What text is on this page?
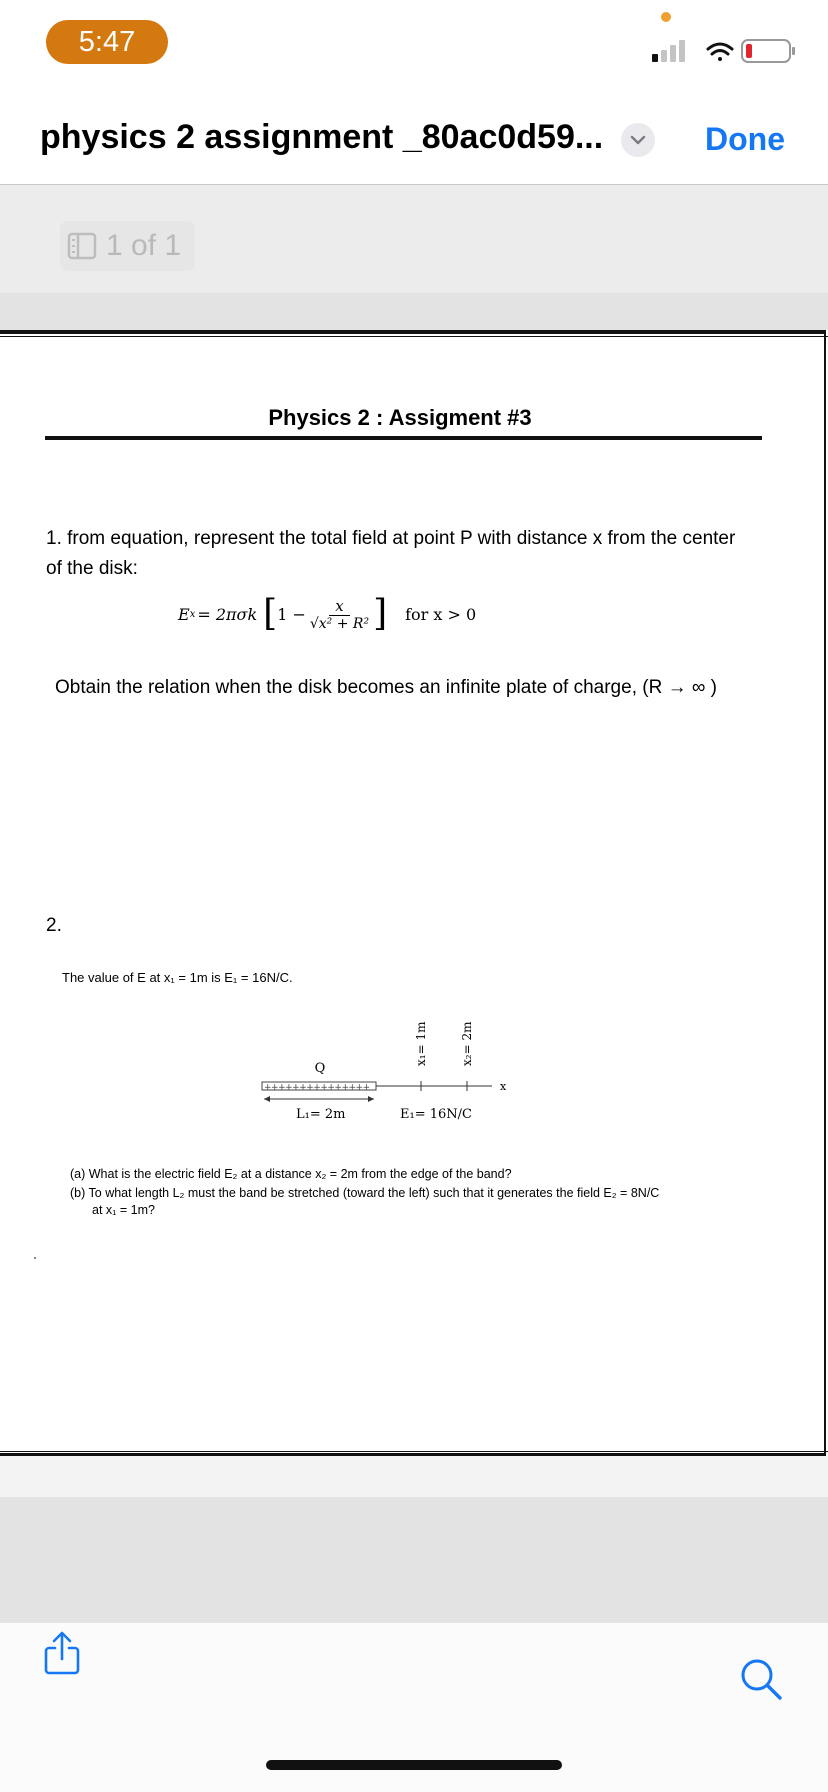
5:47
physics 2 assignment _80ac0d59...	Done
1 of 1
Physics 2 : Assigment #3
1. from equation, represent the total field at point P with distance x from the center of the disk:
E x = 2πσk [ $1 - \frac{x}{\text{√x² + R²}}$ ] for x > 0
Obtain the relation when the disk becomes an infinite plate of charge, (R → ∞ )
2.
The value of E at x₁ = 1m is E₁ = 16N/C.
Q
+++++++++++++++	x
x₁= 1m	x₂= 2m
L₁= 2m	E₁= 16N/C
(a) What is the electric field E₂ at a distance x₂ = 2m from the edge of the band?
(b) To what length L₂ must the band be stretched (toward the left) such that it generates the field E₂ = 8N/C
at x₁ = 1m?
